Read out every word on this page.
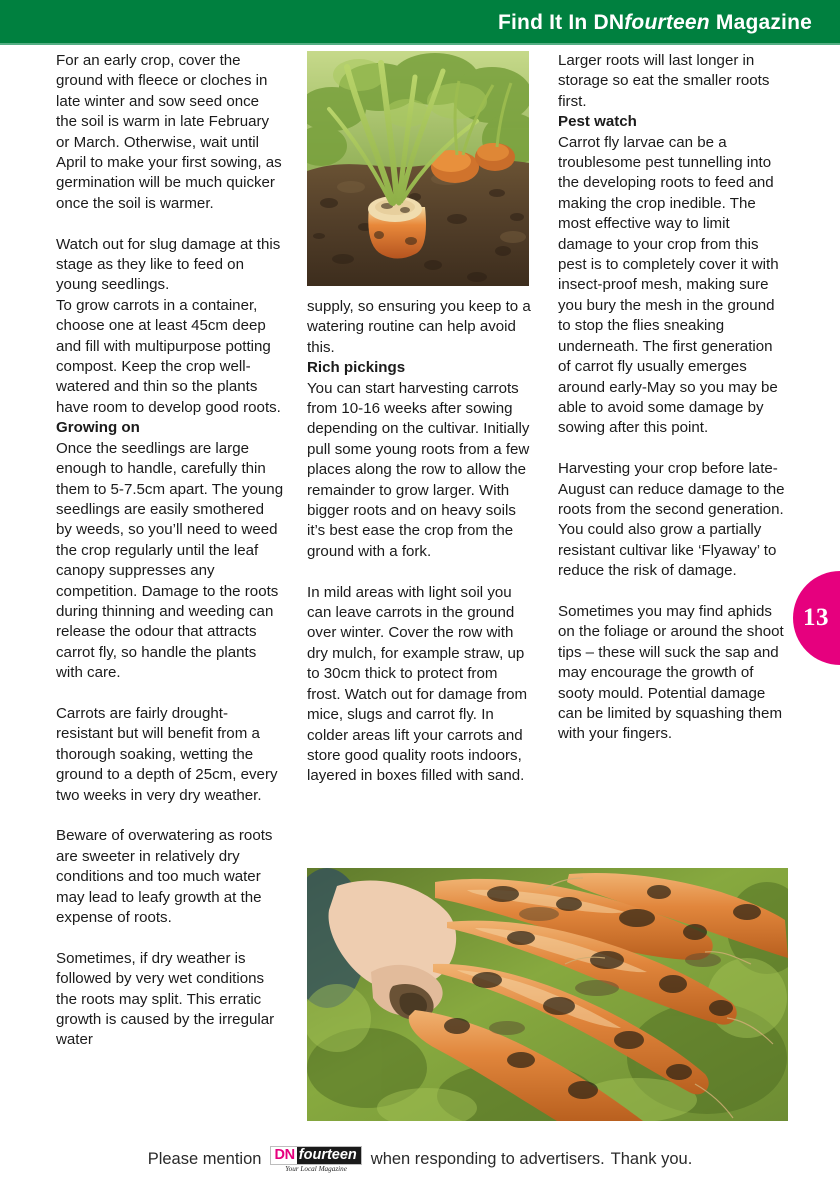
Find It In DNfourteen Magazine

For an early crop, cover the ground with fleece or cloches in late winter and sow seed once the soil is warm in late February or March. Otherwise, wait until April to make your first sowing, as germination will be much quicker once the soil is warmer.

Watch out for slug damage at this stage as they like to feed on young seedlings.

To grow carrots in a container, choose one at least 45cm deep and fill with multipurpose potting compost. Keep the crop well-watered and thin so the plants have room to develop good roots.

Growing on

Once the seedlings are large enough to handle, carefully thin them to 5-7.5cm apart. The young seedlings are easily smothered by weeds, so you’ll need to weed the crop regularly until the leaf canopy suppresses any competition. Damage to the roots during thinning and weeding can release the odour that attracts carrot fly, so handle the plants with care.

Carrots are fairly drought-resistant but will benefit from a thorough soaking, wetting the ground to a depth of 25cm, every two weeks in very dry weather.

Beware of overwatering as roots are sweeter in relatively dry conditions and too much water may lead to leafy growth at the expense of roots.

Sometimes, if dry weather is followed by very wet conditions the roots may split. This erratic growth is caused by the irregular water

supply, so ensuring you keep to a watering routine can help avoid this.

Rich pickings

You can start harvesting carrots from 10-16 weeks after sowing depending on the cultivar. Initially pull some young roots from a few places along the row to allow the remainder to grow larger. With bigger roots and on heavy soils it’s best ease the crop from the ground with a fork.

In mild areas with light soil you can leave carrots in the ground over winter. Cover the row with dry mulch, for example straw, up to 30cm thick to protect from frost. Watch out for damage from mice, slugs and carrot fly. In colder areas lift your carrots and store good quality roots indoors, layered in boxes filled with sand.

Larger roots will last longer in storage so eat the smaller roots first.

Pest watch

Carrot fly larvae can be a troublesome pest tunnelling into the developing roots to feed and making the crop inedible. The most effective way to limit damage to your crop from this pest is to completely cover it with insect-proof mesh, making sure you bury the mesh in the ground to stop the flies sneaking underneath. The first generation of carrot fly usually emerges around early-May so you may be able to avoid some damage by sowing after this point.

Harvesting your crop before late- August can reduce damage to the roots from the second generation. You could also grow a partially resistant cultivar like ‘Flyaway’ to reduce the risk of damage.

Sometimes you may find aphids on the foliage or around the shoot tips – these will suck the sap and may encourage the growth of sooty mould. Potential damage can be limited by squashing them with your fingers.

13
Please mention DN fourteen
Your Local Magazine
when responding to advertisers. Thank you.
